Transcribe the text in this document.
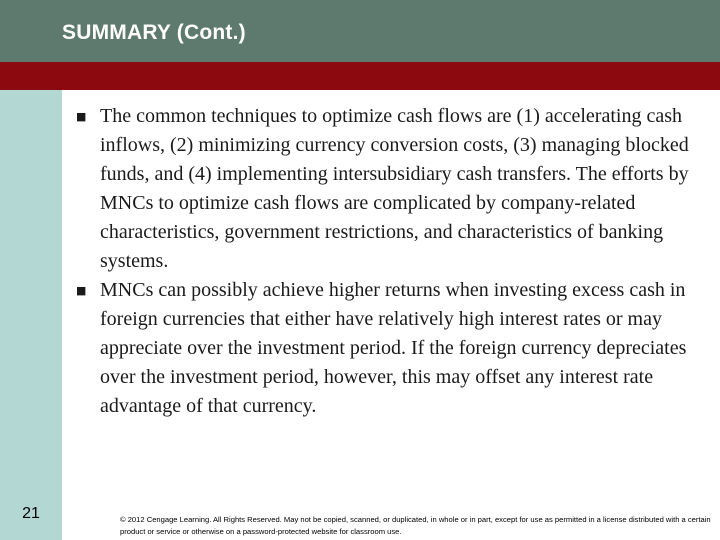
SUMMARY (Cont.)
■ The common techniques to optimize cash flows are (1) accelerating cash inflows, (2) minimizing currency conversion costs, (3) managing blocked funds, and (4) implementing intersubsidiary cash transfers. The efforts by MNCs to optimize cash flows are complicated by company-related characteristics, government restrictions, and characteristics of banking systems.
■ MNCs can possibly achieve higher returns when investing excess cash in foreign currencies that either have relatively high interest rates or may appreciate over the investment period. If the foreign currency depreciates over the investment period, however, this may offset any interest rate advantage of that currency.
21	© 2012 Cengage Learning. All Rights Reserved. May not be copied, scanned, or duplicated, in whole or in part, except for use as permitted in a license distributed with a certain product or service or otherwise on a password-protected website for classroom use.
